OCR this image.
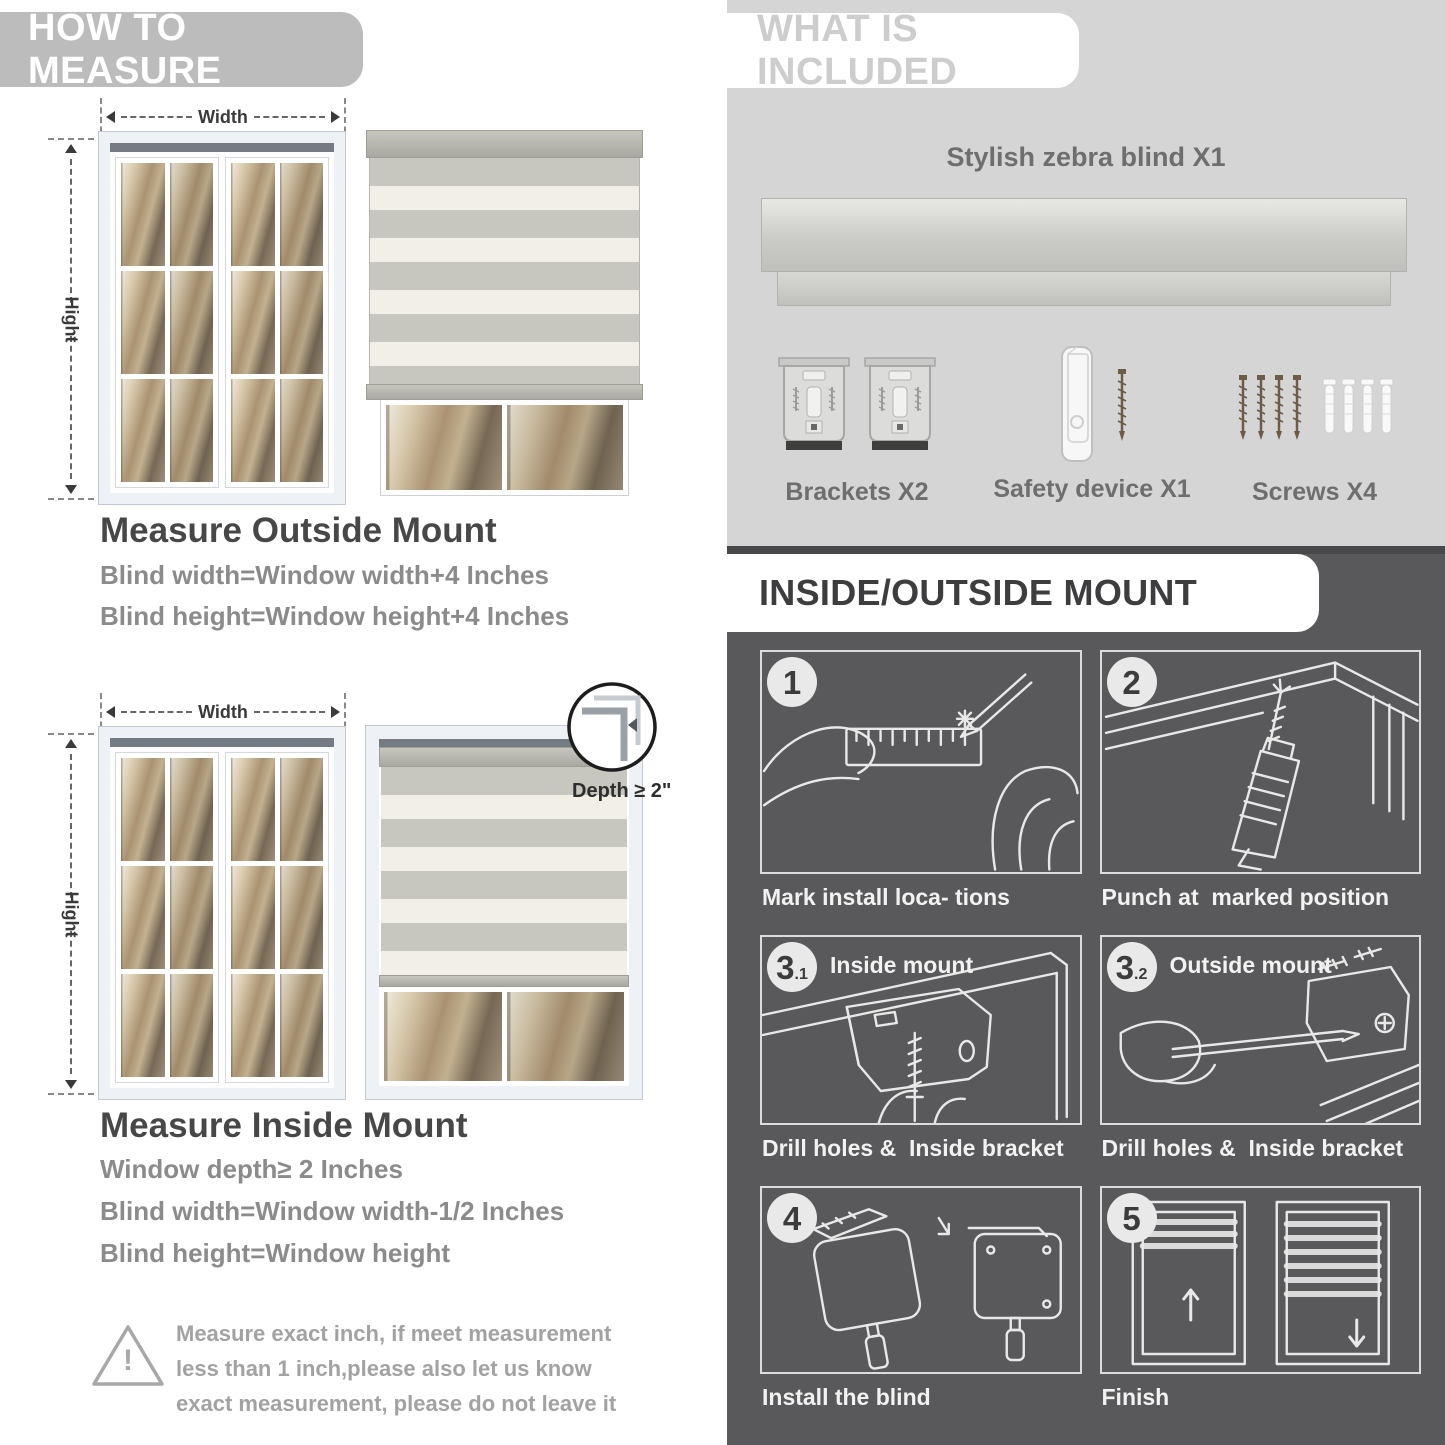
HOW TO MEASURE
Width
Hight
Measure Outside Mount

Blind width=Window width+4 Inches

Blind height=Window height+4 Inches

Width
Hight
Depth ≥ 2"
Measure Inside Mount

Window depth≥ 2 Inches

Blind width=Window width-1/2 Inches

Blind height=Window height

!

Measure exact inch, if meet measurement less than 1 inch,please also let us know exact measurement, please do not leave it

WHAT IS INCLUDED
Stylish zebra blind X1
Brackets X2	Safety device X1	Screws X4
INSIDE/OUTSIDE MOUNT
1
Mark install loca- tions
2
Punch at  marked position
3 .1 Inside mount
Drill holes &  Inside bracket
3 .2 Outside mount
Drill holes &  Inside bracket
4
Install the blind
5
Finish
